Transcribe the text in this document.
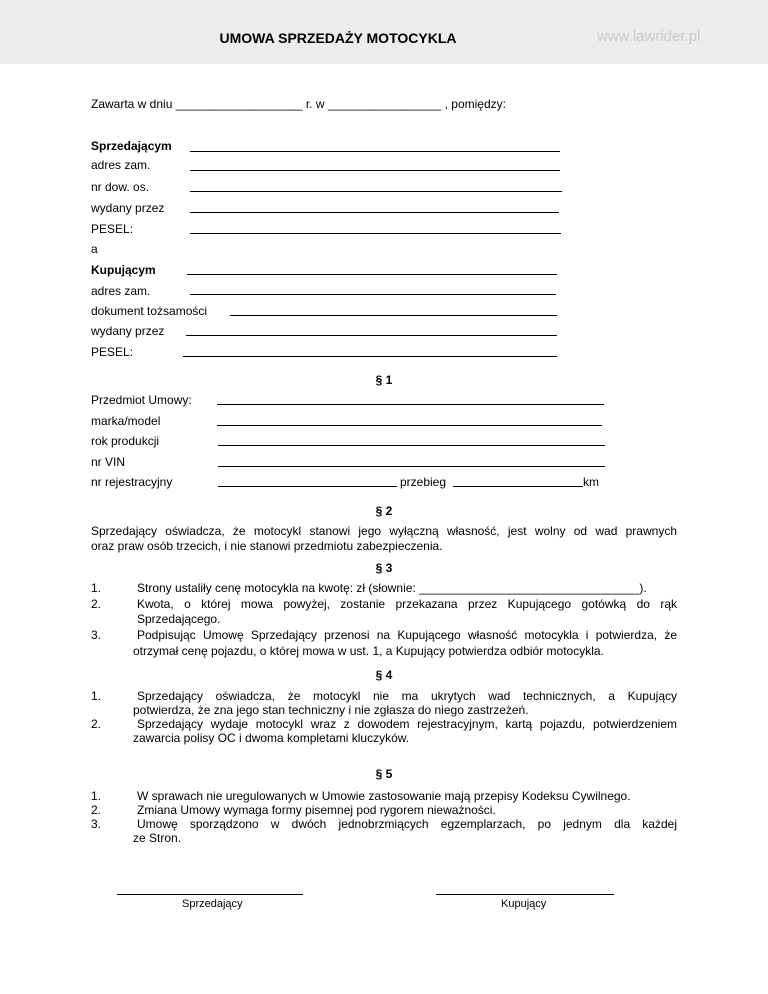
UMOWA SPRZEDAŻY MOTOCYKLA	www.lawrider.pl
Zawarta w dniu ___________________ r. w _________________ , pomiędzy:
Sprzedającym
adres zam.
nr dow. os.
wydany przez
PESEL:
a
Kupującym
adres zam.
dokument tożsamości
wydany przez
PESEL:
§ 1
Przedmiot Umowy:
marka/model
rok produkcji
nr VIN
nr rejestracyjny	przebieg	km
§ 2
Sprzedający oświadcza, że motocykl stanowi jego wyłączną własność, jest wolny od wad prawnych
oraz praw osób trzecich, i nie stanowi przedmiotu zabezpieczenia.
§ 3
1.	Strony ustaliły cenę motocykla na kwotę: zł (słownie: _________________________________).
2.	Kwota, o której mowa powyżej, zostanie przekazana przez Kupującego gotówką do rąk
Sprzedającego.
3.	Podpisując Umowę Sprzedający przenosi na Kupującego własność motocykla i potwierdza, że
otrzymał cenę pojazdu, o której mowa w ust. 1, a Kupujący potwierdza odbiór motocykla.
§ 4
1.	Sprzedający oświadcza, że motocykl nie ma ukrytych wad technicznych, a Kupujący
potwierdza, że zna jego stan techniczny i nie zgłasza do niego zastrzeżeń.
2.	Sprzedający wydaje motocykl wraz z dowodem rejestracyjnym, kartą pojazdu, potwierdzeniem
zawarcia polisy OC i dwoma kompletami kluczyków.
§ 5
1.	W sprawach nie uregulowanych w Umowie zastosowanie mają przepisy Kodeksu Cywilnego.
2.	Zmiana Umowy wymaga formy pisemnej pod rygorem nieważności.
3.	Umowę sporządzono w dwóch jednobrzmiących egzemplarzach, po jednym dla każdej
ze Stron.
Sprzedający	Kupujący
